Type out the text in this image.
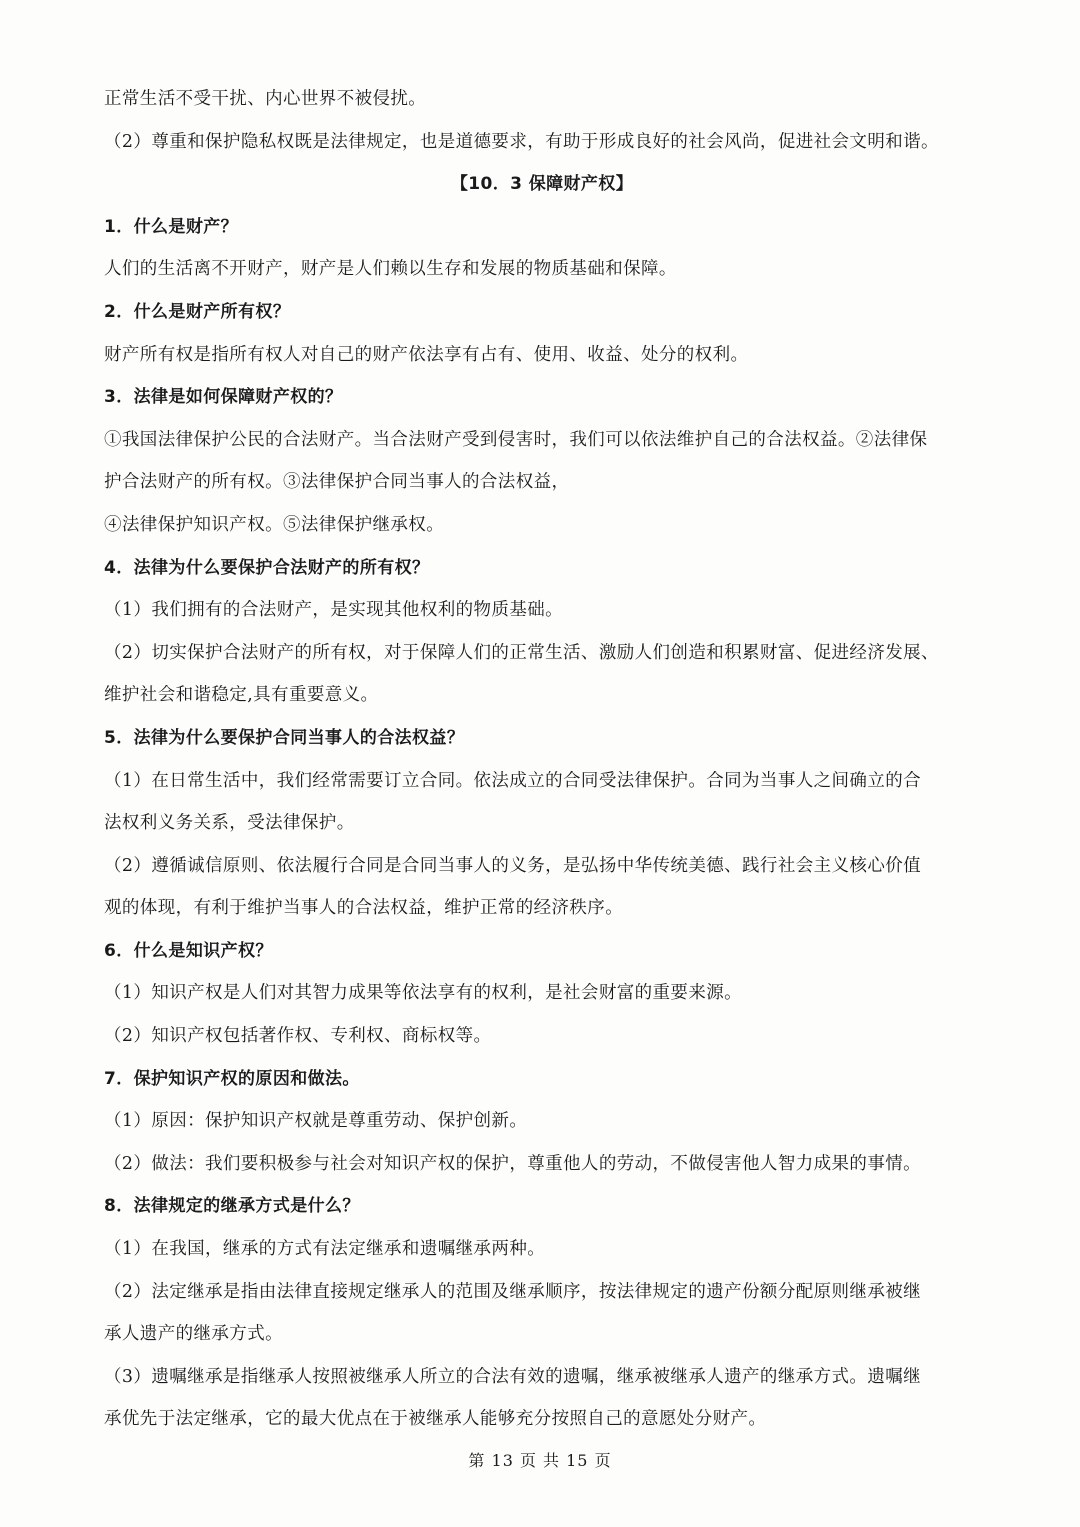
正常生活不受干扰、内心世界不被侵扰。
（2）尊重和保护隐私权既是法律规定，也是道德要求，有助于形成良好的社会风尚，促进社会文明和谐。
【10．3 保障财产权】
1．什么是财产？
人们的生活离不开财产，财产是人们赖以生存和发展的物质基础和保障。
2．什么是财产所有权？
财产所有权是指所有权人对自己的财产依法享有占有、使用、收益、处分的权利。
3．法律是如何保障财产权的？
①我国法律保护公民的合法财产。当合法财产受到侵害时，我们可以依法维护自己的合法权益。②法律保
护合法财产的所有权。③法律保护合同当事人的合法权益，
④法律保护知识产权。⑤法律保护继承权。
4．法律为什么要保护合法财产的所有权？
（1）我们拥有的合法财产，是实现其他权利的物质基础。
（2）切实保护合法财产的所有权，对于保障人们的正常生活、激励人们创造和积累财富、促进经济发展、
维护社会和谐稳定,具有重要意义。
5．法律为什么要保护合同当事人的合法权益？
（1）在日常生活中，我们经常需要订立合同。依法成立的合同受法律保护。合同为当事人之间确立的合
法权利义务关系，受法律保护。
（2）遵循诚信原则、依法履行合同是合同当事人的义务，是弘扬中华传统美德、践行社会主义核心价值
观的体现，有利于维护当事人的合法权益，维护正常的经济秩序。
6．什么是知识产权？
（1）知识产权是人们对其智力成果等依法享有的权利，是社会财富的重要来源。
（2）知识产权包括著作权、专利权、商标权等。
7．保护知识产权的原因和做法。
（1）原因：保护知识产权就是尊重劳动、保护创新。
（2）做法：我们要积极参与社会对知识产权的保护，尊重他人的劳动，不做侵害他人智力成果的事情。
8．法律规定的继承方式是什么？
（1）在我国，继承的方式有法定继承和遗嘱继承两种。
（2）法定继承是指由法律直接规定继承人的范围及继承顺序，按法律规定的遗产份额分配原则继承被继
承人遗产的继承方式。
（3）遗嘱继承是指继承人按照被继承人所立的合法有效的遗嘱，继承被继承人遗产的继承方式。遗嘱继
承优先于法定继承，它的最大优点在于被继承人能够充分按照自己的意愿处分财产。
第 13 页 共 15 页
